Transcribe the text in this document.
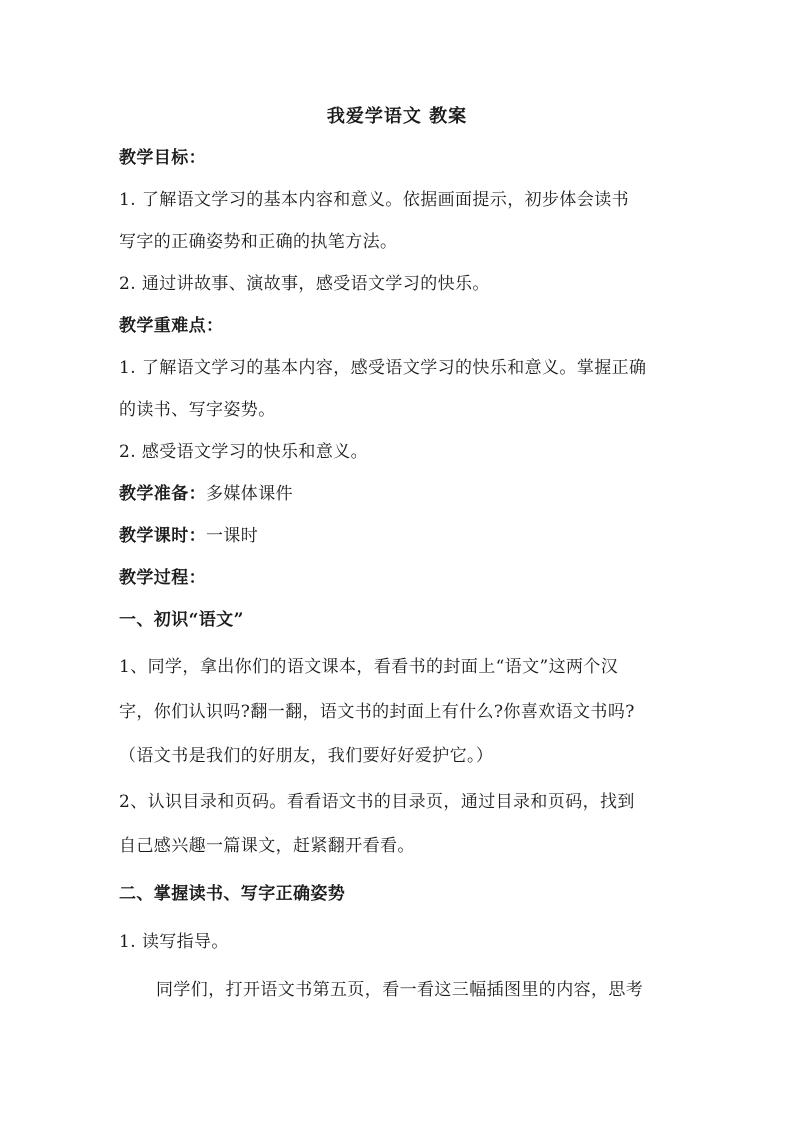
我爱学语文 教案
教学目标：
1. 了解语文学习的基本内容和意义。依据画面提示，初步体会读书
写字的正确姿势和正确的执笔方法。
2. 通过讲故事、演故事，感受语文学习的快乐。
教学重难点：
1. 了解语文学习的基本内容，感受语文学习的快乐和意义。掌握正确
的读书、写字姿势。
2. 感受语文学习的快乐和意义。
教学准备：多媒体课件
教学课时：一课时
教学过程：
一、初识“语文”
1、同学，拿出你们的语文课本，看看书的封面上“语文”这两个汉
字，你们认识吗?翻一翻，语文书的封面上有什么?你喜欢语文书吗?
（语文书是我们的好朋友，我们要好好爱护它。）
2、认识目录和页码。看看语文书的目录页，通过目录和页码，找到
自己感兴趣一篇课文，赶紧翻开看看。
二、掌握读书、写字正确姿势
1. 读写指导。
同学们，打开语文书第五页，看一看这三幅插图里的内容，思考
